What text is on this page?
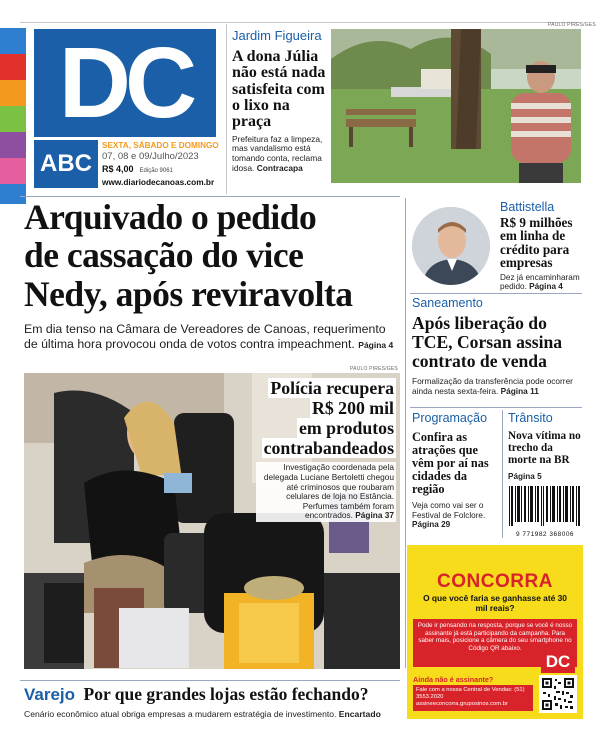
DC
ABC
SEXTA, SÁBADO E DOMINGO
07, 08 e 09/Julho/2023
R$ 4,00 Edição 9061
www.diariodecanoas.com.br
Jardim Figueira
A dona Júlia não está nada satisfeita com o lixo na praça
Prefeitura faz a limpeza, mas vandalismo está tomando conta, reclama idosa. Contracapa
PAULO PIRES/GES
Arquivado o pedido
de cassação do vice
Nedy, após reviravolta
Em dia tenso na Câmara de Vereadores de Canoas, requerimento de última hora provocou onda de votos contra impeachment. Página 4
Battistella
R$ 9 milhões em linha de crédito para empresas
Dez já encaminharam pedido. Página 4
Saneamento
Após liberação do TCE, Corsan assina contrato de venda
Formalização da transferência pode ocorrer ainda nesta sexta-feira. Página 11
Programação
Confira as atrações que vêm por aí nas cidades da região
Veja como vai ser o Festival de Folclore. Página 29
Trânsito
Nova vítima no trecho da morte na BR
Página 5
9 771982 368006
PAULO PIRES/GES
Polícia recupera
R$ 200 mil
em produtos
contrabandeados
Investigação coordenada pela delegada Luciane Bertoletti chegou até criminosos que roubaram celulares de loja no Estância. Perfumes também foram encontrados. Página 37
CONCORRA
O que você faria se ganhasse até 30 mil reais?
Pode ir pensando na resposta, porque se você é nosso assinante já está participando da campanha. Para saber mais, posicione a câmera do seu smartphone no Código QR abaixo.
DC
Ainda não é assinante?
Fale com a nossa Central de Vendas: (51) 3553.2020 assineeconcorra.gruposinos.com.br
Varejo Por que grandes lojas estão fechando?
Cenário econômico atual obriga empresas a mudarem estratégia de investimento. Encartado
